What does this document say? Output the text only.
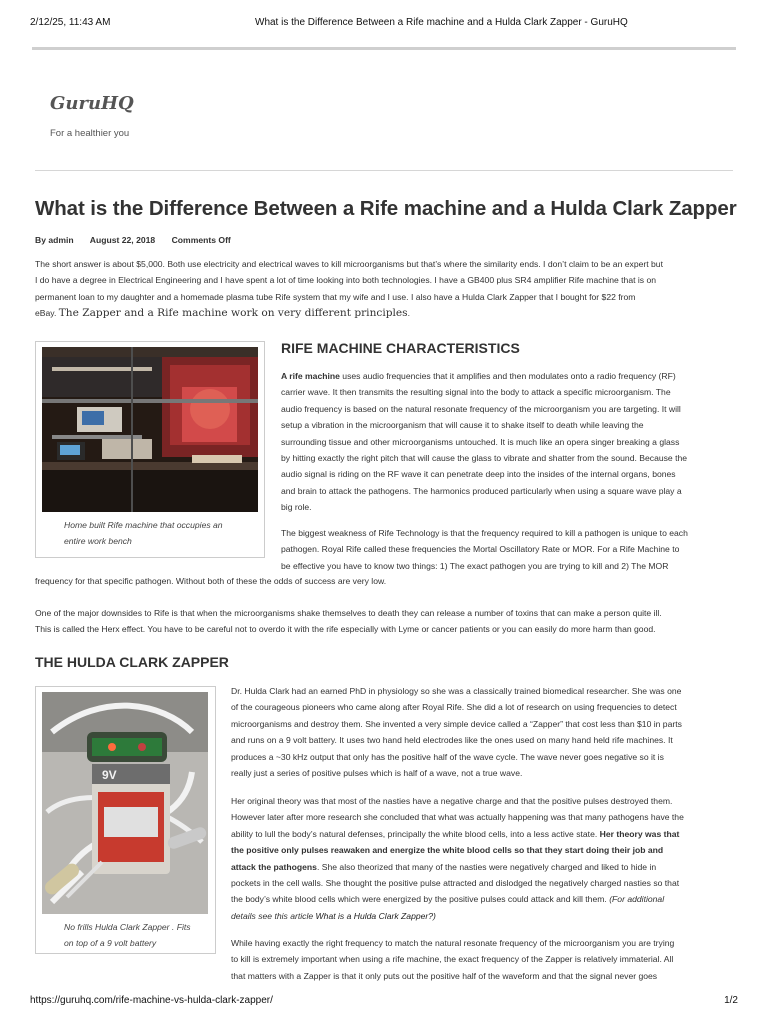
2/12/25, 11:43 AM	What is the Difference Between a Rife machine and a Hulda Clark Zapper - GuruHQ
GuruHQ
For a healthier you
What is the Difference Between a Rife machine and a Hulda Clark Zapper
By admin August 22, 2018 Comments Off

The short answer is about $5,000. Both use electricity and electrical waves to kill microorganisms but that’s where the similarity ends. I don’t claim to be an expert but
I do have a degree in Electrical Engineering and I have spent a lot of time looking into both technologies. I have a GB400 plus SR4 amplifier Rife machine that is on
permanent loan to my daughter and a homemade plasma tube Rife system that my wife and I use. I also have a Hulda Clark Zapper that I bought for $22 from
eBay. The Zapper and a Rife machine work on very different principles.

Home built Rife machine that occupies an
entire work bench
RIFE MACHINE CHARACTERISTICS

A rife machine uses audio frequencies that it amplifies and then modulates onto a radio frequency (RF)
carrier wave. It then transmits the resulting signal into the body to attack a specific microorganism. The
audio frequency is based on the natural resonate frequency of the microorganism you are targeting. It will
setup a vibration in the microorganism that will cause it to shake itself to death while leaving the
surrounding tissue and other microorganisms untouched. It is much like an opera singer breaking a glass
by hitting exactly the right pitch that will cause the glass to vibrate and shatter from the sound. Because the
audio signal is riding on the RF wave it can penetrate deep into the insides of the internal organs, bones
and brain to attack the pathogens. The harmonics produced particularly when using a square wave play a
big role.

The biggest weakness of Rife Technology is that the frequency required to kill a pathogen is unique to each
pathogen. Royal Rife called these frequencies the Mortal Oscillatory Rate or MOR. For a Rife Machine to
be effective you have to know two things: 1) The exact pathogen you are trying to kill and 2) The MOR

frequency for that specific pathogen. Without both of these the odds of success are very low.

One of the major downsides to Rife is that when the microorganisms shake themselves to death they can release a number of toxins that can make a person quite ill.
This is called the Herx effect. You have to be careful not to overdo it with the rife especially with Lyme or cancer patients or you can easily do more harm than good.

THE HULDA CLARK ZAPPER
9V
No frills Hulda Clark Zapper . Fits
on top of a 9 volt battery

Dr. Hulda Clark had an earned PhD in physiology so she was a classically trained biomedical researcher. She was one
of the courageous pioneers who came along after Royal Rife. She did a lot of research on using frequencies to detect
microorganisms and destroy them. She invented a very simple device called a “Zapper” that cost less than $10 in parts
and runs on a 9 volt battery. It uses two hand held electrodes like the ones used on many hand held rife machines. It
produces a ~30 kHz output that only has the positive half of the wave cycle. The wave never goes negative so it is
really just a series of positive pulses which is half of a wave, not a true wave.

Her original theory was that most of the nasties have a negative charge and that the positive pulses destroyed them.
However later after more research she concluded that what was actually happening was that many pathogens have the
ability to lull the body’s natural defenses, principally the white blood cells, into a less active state. Her theory was that
the positive only pulses reawaken and energize the white blood cells so that they start doing their job and
attack the pathogens. She also theorized that many of the nasties were negatively charged and liked to hide in
pockets in the cell walls. She thought the positive pulse attracted and dislodged the negatively charged nasties so that
the body’s white blood cells which were energized by the positive pulses could attack and kill them. (For additional
details see this article What is a Hulda Clark Zapper?)

While having exactly the right frequency to match the natural resonate frequency of the microorganism you are trying
to kill is extremely important when using a rife machine, the exact frequency of the Zapper is relatively immaterial. All
that matters with a Zapper is that it only puts out the positive half of the waveform and that the signal never goes

https://guruhq.com/rife-machine-vs-hulda-clark-zapper/	1/2
